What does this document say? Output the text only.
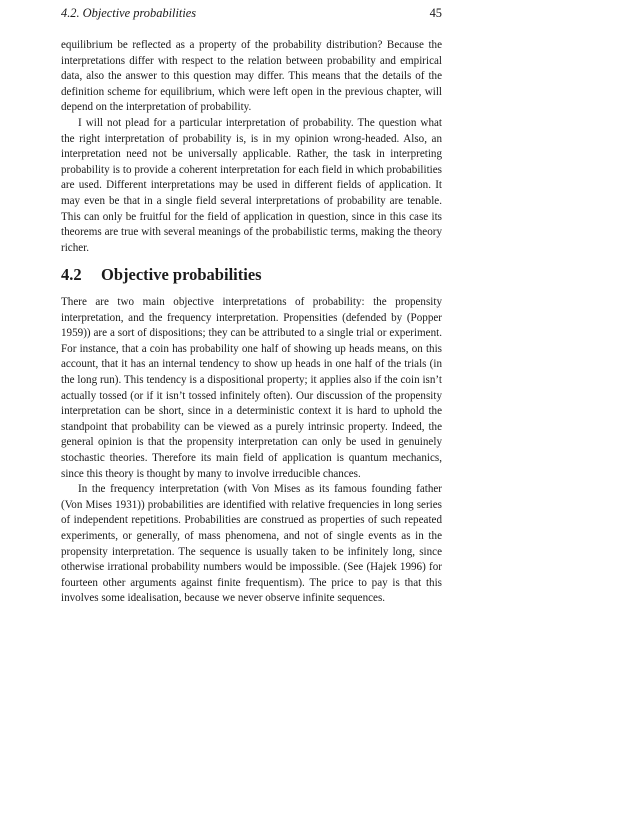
4.2. Objective probabilities	45

equilibrium be reflected as a property of the probability distribution? Because the interpretations differ with respect to the relation between probability and empirical data, also the answer to this question may differ. This means that the details of the definition scheme for equilibrium, which were left open in the previous chapter, will depend on the interpretation of probability.

I will not plead for a particular interpretation of probability. The question what the right interpretation of probability is, is in my opinion wrong-headed. Also, an interpretation need not be universally applicable. Rather, the task in interpreting probability is to provide a coherent interpretation for each field in which probabilities are used. Different interpretations may be used in different fields of application. It may even be that in a single field several interpretations of probability are tenable. This can only be fruitful for the field of application in question, since in this case its theorems are true with several meanings of the probabilistic terms, making the theory richer.

4.2 Objective probabilities

There are two main objective interpretations of probability: the propensity interpretation, and the frequency interpretation. Propensities (defended by (Popper 1959)) are a sort of dispositions; they can be attributed to a single trial or experiment. For instance, that a coin has probability one half of showing up heads means, on this account, that it has an internal tendency to show up heads in one half of the trials (in the long run). This tendency is a dispositional property; it applies also if the coin isn’t actually tossed (or if it isn’t tossed infinitely often). Our discussion of the propensity interpretation can be short, since in a deterministic context it is hard to uphold the standpoint that probability can be viewed as a purely intrinsic property. Indeed, the general opinion is that the propensity interpretation can only be used in genuinely stochastic theories. Therefore its main field of application is quantum mechanics, since this theory is thought by many to involve irreducible chances.

In the frequency interpretation (with Von Mises as its famous founding father (Von Mises 1931)) probabilities are identified with relative frequencies in long series of independent repetitions. Probabilities are construed as properties of such repeated experiments, or generally, of mass phenomena, and not of single events as in the propensity interpretation. The sequence is usually taken to be infinitely long, since otherwise irrational probability numbers would be impossible. (See (Hajek 1996) for fourteen other arguments against finite frequentism). The price to pay is that this involves some idealisation, because we never observe infinite sequences.
